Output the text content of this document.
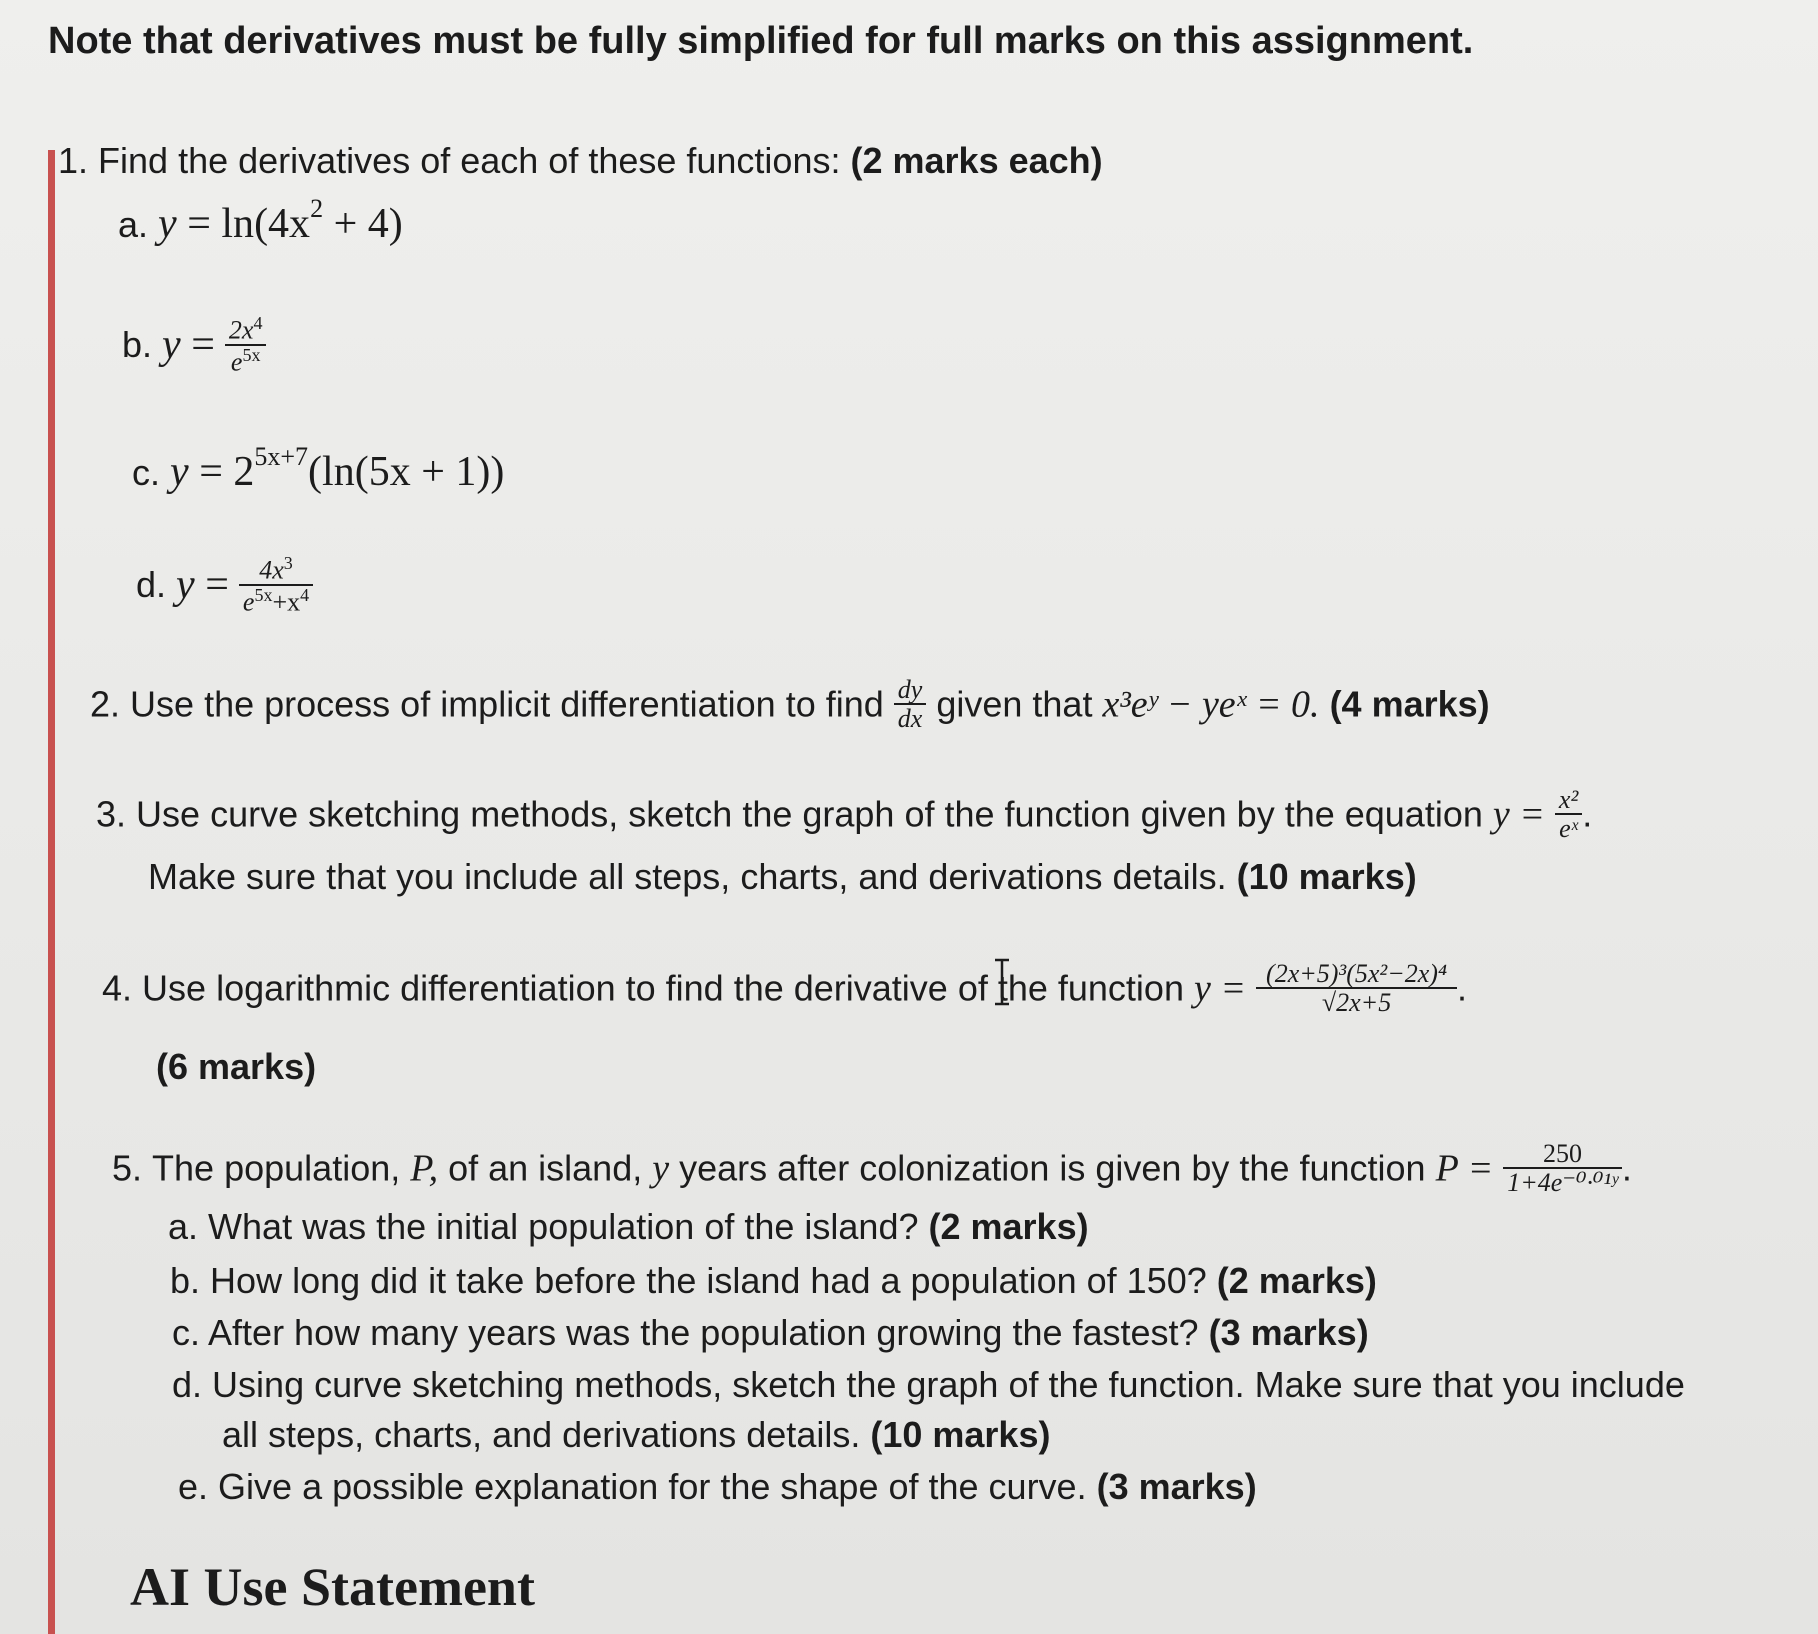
Note that derivatives must be fully simplified for full marks on this assignment.
1. Find the derivatives of each of these functions: (2 marks each)
a. $y = \ln(4x^2 + 4)$
b. $y = \frac{2x^4}{e^{5x}}$
c. $y = 2^{5x+7}(\ln(5x + 1))$
d. $y = \frac{4x^3}{e^{5x}+x^4}$
2. Use the process of implicit differentiation to find $\frac{dy}{dx}$ given that x³eʸ − yeˣ = 0. (4 marks)
3. Use curve sketching methods, sketch the graph of the function given by the equation $y = \frac{\text{x²}}{\text{eˣ}}$ .
Make sure that you include all steps, charts, and derivations details. (10 marks)
4. Use logarithmic differentiation to find the derivative of the function $y = \frac{\text{(2x+5)³(5x²−2x)⁴}}{√2x+5}$ .
(6 marks)
5. The population, P, of an island, y years after colonization is given by the function $P = \frac{250}{\text{1+4e⁻⁰·⁰¹ʸ}}$ .
a. What was the initial population of the island? (2 marks)
b. How long did it take before the island had a population of 150? (2 marks)
c. After how many years was the population growing the fastest? (3 marks)
d. Using curve sketching methods, sketch the graph of the function. Make sure that you include
all steps, charts, and derivations details. (10 marks)
e. Give a possible explanation for the shape of the curve. (3 marks)
AI Use Statement
